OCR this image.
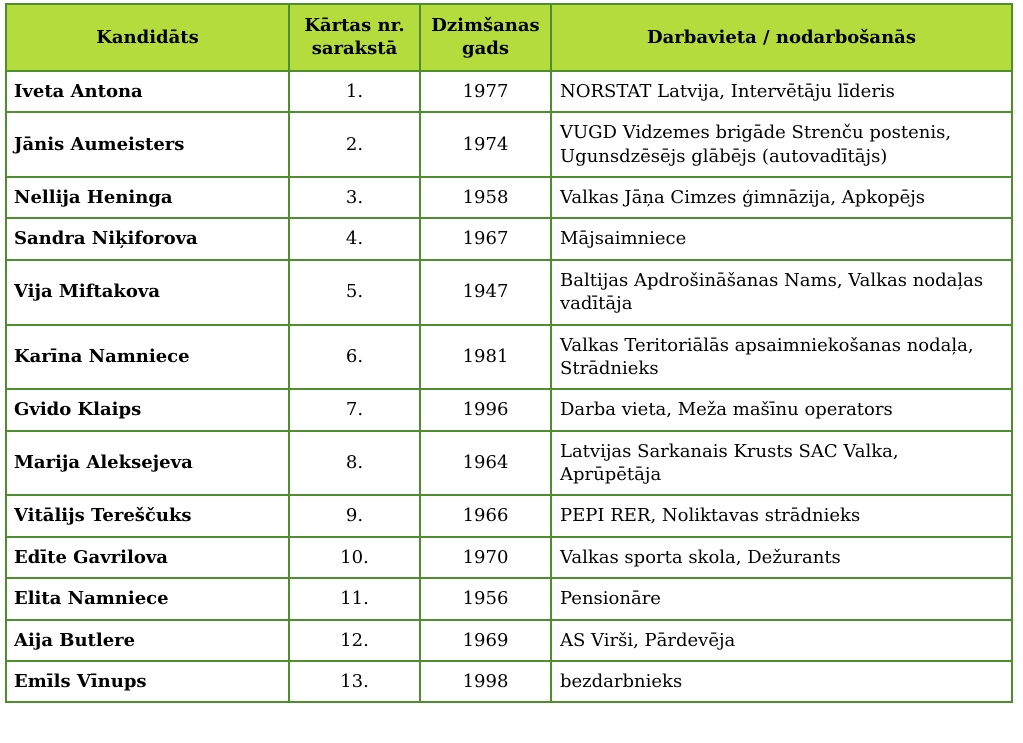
Kandidāts	Kārtas nr. sarakstā	Dzimšanas gads	Darbavieta / nodarbošanās
Iveta Antona	1.	1977	NORSTAT Latvija, Intervētāju līderis
Jānis Aumeisters	2.	1974	VUGD Vidzemes brigāde Strenču postenis, Ugunsdzēsējs glābējs (autovadītājs)
Nellija Heninga	3.	1958	Valkas Jāņa Cimzes ģimnāzija, Apkopējs
Sandra Niķiforova	4.	1967	Mājsaimniece
Vija Miftakova	5.	1947	Baltijas Apdrošināšanas Nams, Valkas nodaļas vadītāja
Karīna Namniece	6.	1981	Valkas Teritoriālās apsaimniekošanas nodaļa, Strādnieks
Gvido Klaips	7.	1996	Darba vieta, Meža mašīnu operators
Marija Aleksejeva	8.	1964	Latvijas Sarkanais Krusts SAC Valka, Aprūpētāja
Vitālijs Tereščuks	9.	1966	PEPI RER, Noliktavas strādnieks
Edīte Gavrilova	10.	1970	Valkas sporta skola, Dežurants
Elita Namniece	11.	1956	Pensionāre
Aija Butlere	12.	1969	AS Virši, Pārdevēja
Emīls Vīnups	13.	1998	bezdarbnieks
